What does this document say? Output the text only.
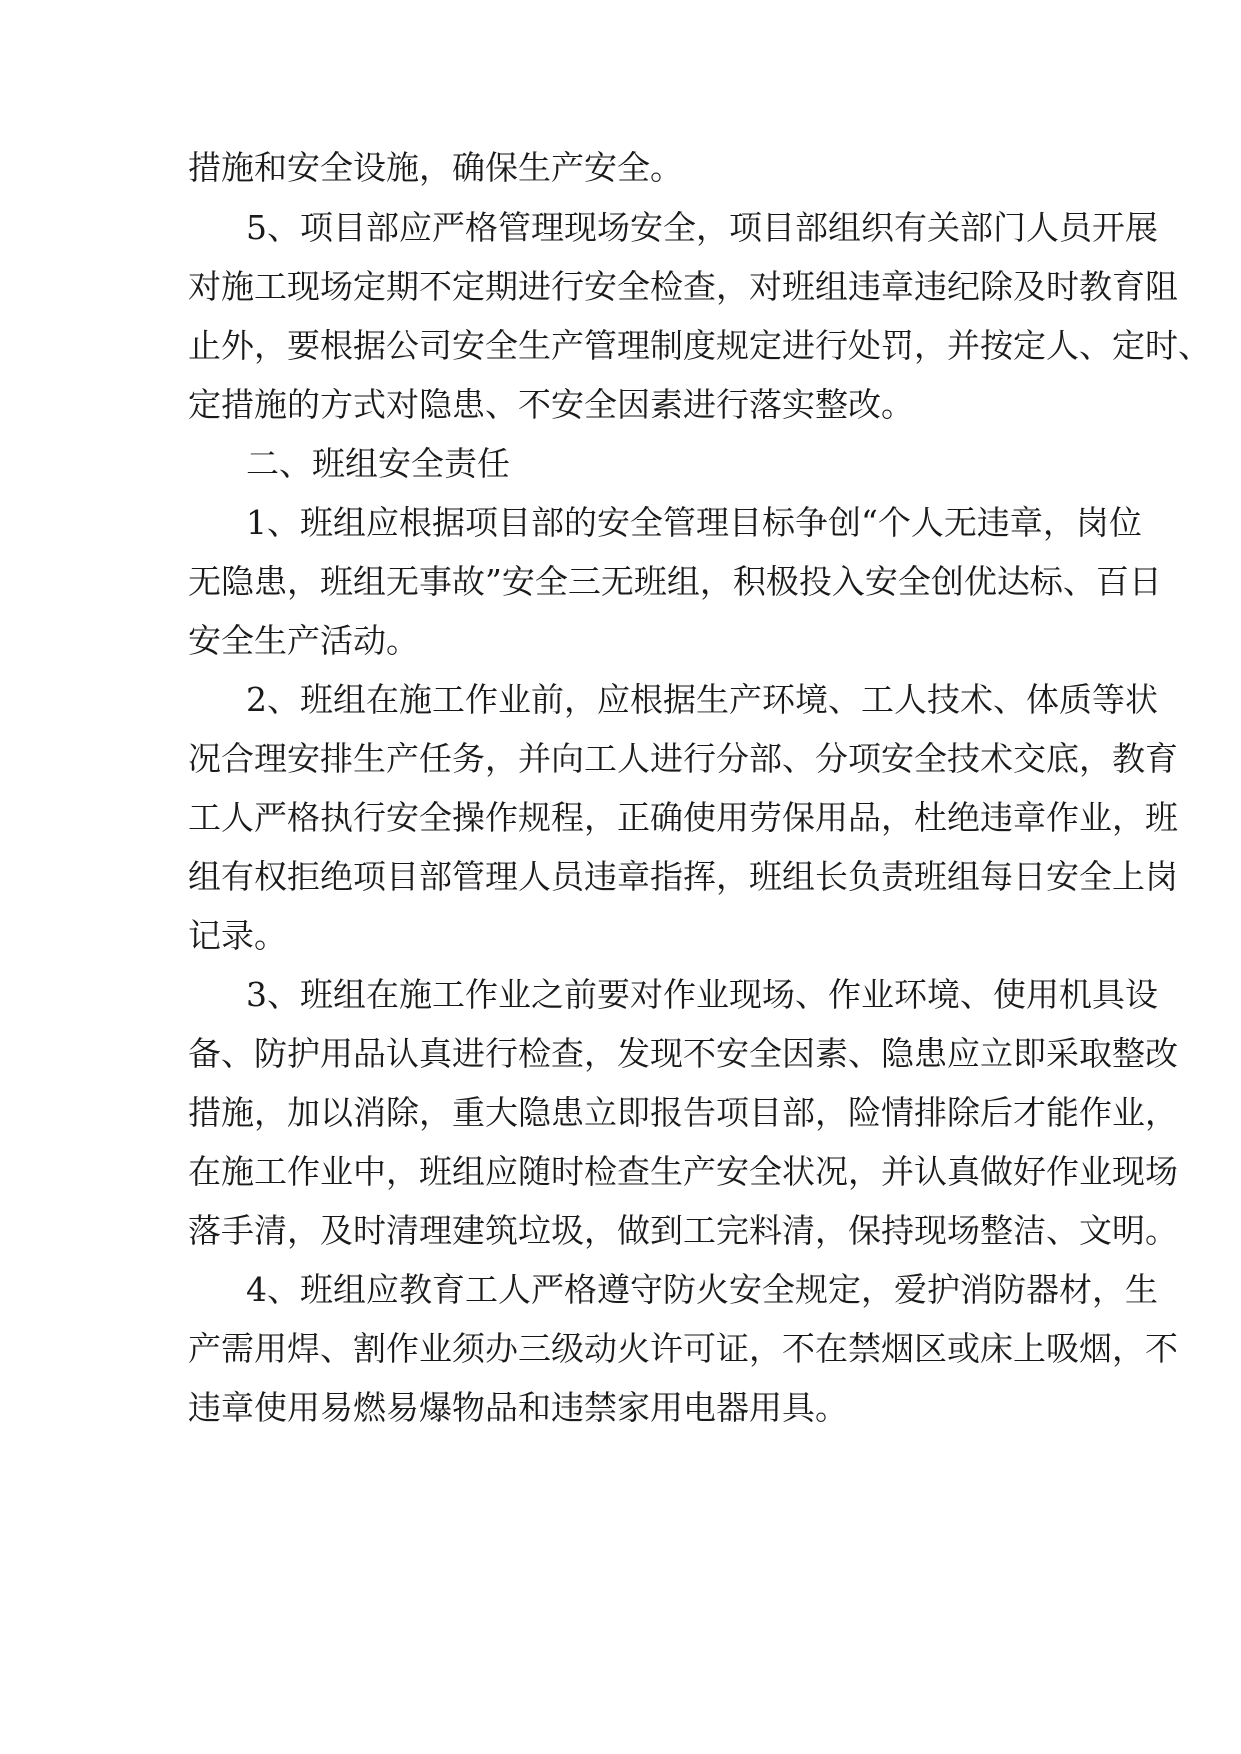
措施和安全设施，确保生产安全。
5、项目部应严格管理现场安全，项目部组织有关部门人员开展
对施工现场定期不定期进行安全检查，对班组违章违纪除及时教育阻
止外，要根据公司安全生产管理制度规定进行处罚，并按定人、定时、
定措施的方式对隐患、不安全因素进行落实整改。
二、班组安全责任
1、班组应根据项目部的安全管理目标争创“个人无违章，岗位
无隐患，班组无事故”安全三无班组，积极投入安全创优达标、百日
安全生产活动。
2、班组在施工作业前，应根据生产环境、工人技术、体质等状
况合理安排生产任务，并向工人进行分部、分项安全技术交底，教育
工人严格执行安全操作规程，正确使用劳保用品，杜绝违章作业，班
组有权拒绝项目部管理人员违章指挥，班组长负责班组每日安全上岗
记录。
3、班组在施工作业之前要对作业现场、作业环境、使用机具设
备、防护用品认真进行检查，发现不安全因素、隐患应立即采取整改
措施，加以消除，重大隐患立即报告项目部，险情排除后才能作业，
在施工作业中，班组应随时检查生产安全状况，并认真做好作业现场
落手清，及时清理建筑垃圾，做到工完料清，保持现场整洁、文明。
4、班组应教育工人严格遵守防火安全规定，爱护消防器材，生
产需用焊、割作业须办三级动火许可证，不在禁烟区或床上吸烟，不
违章使用易燃易爆物品和违禁家用电器用具。
